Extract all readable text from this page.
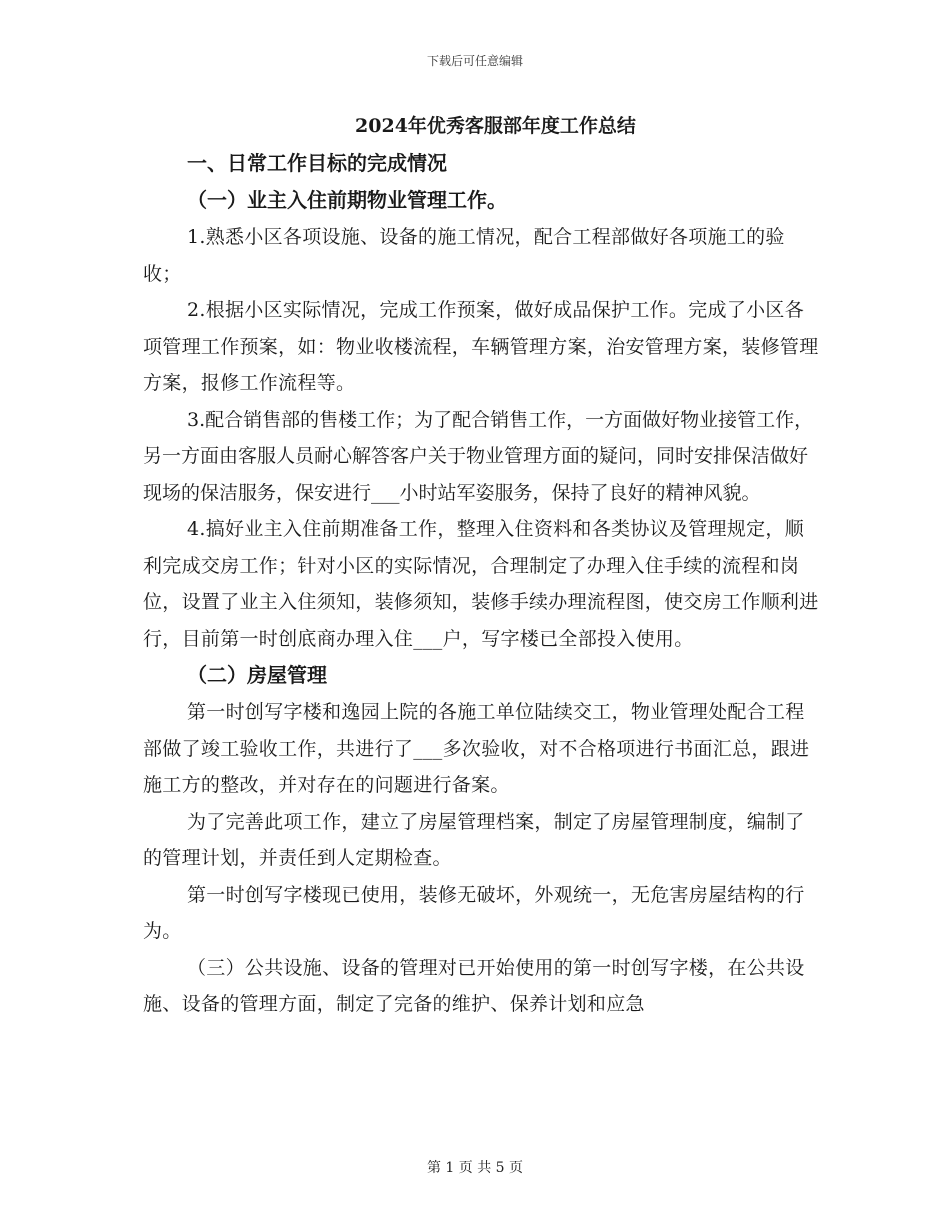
下载后可任意编辑
2024年优秀客服部年度工作总结
一、日常工作目标的完成情况
（一）业主入住前期物业管理工作。

1.熟悉小区各项设施、设备的施工情况，配合工程部做好各项施工的验收；

2.根据小区实际情况，完成工作预案，做好成品保护工作。完成了小区各项管理工作预案，如：物业收楼流程，车辆管理方案，治安管理方案，装修管理方案，报修工作流程等。

3.配合销售部的售楼工作；为了配合销售工作，一方面做好物业接管工作，另一方面由客服人员耐心解答客户关于物业管理方面的疑问，同时安排保洁做好现场的保洁服务，保安进行___小时站军姿服务，保持了良好的精神风貌。

4.搞好业主入住前期准备工作，整理入住资料和各类协议及管理规定，顺利完成交房工作；针对小区的实际情况，合理制定了办理入住手续的流程和岗位，设置了业主入住须知，装修须知，装修手续办理流程图，使交房工作顺利进行，目前第一时创底商办理入住___户，写字楼已全部投入使用。

（二）房屋管理

第一时创写字楼和逸园上院的各施工单位陆续交工，物业管理处配合工程部做了竣工验收工作，共进行了___多次验收，对不合格项进行书面汇总，跟进施工方的整改，并对存在的问题进行备案。

为了完善此项工作，建立了房屋管理档案，制定了房屋管理制度，编制了的管理计划，并责任到人定期检查。

第一时创写字楼现已使用，装修无破坏，外观统一，无危害房屋结构的行为。

（三）公共设施、设备的管理对已开始使用的第一时创写字楼，在公共设施、设备的管理方面，制定了完备的维护、保养计划和应急

第 1 页 共 5 页
